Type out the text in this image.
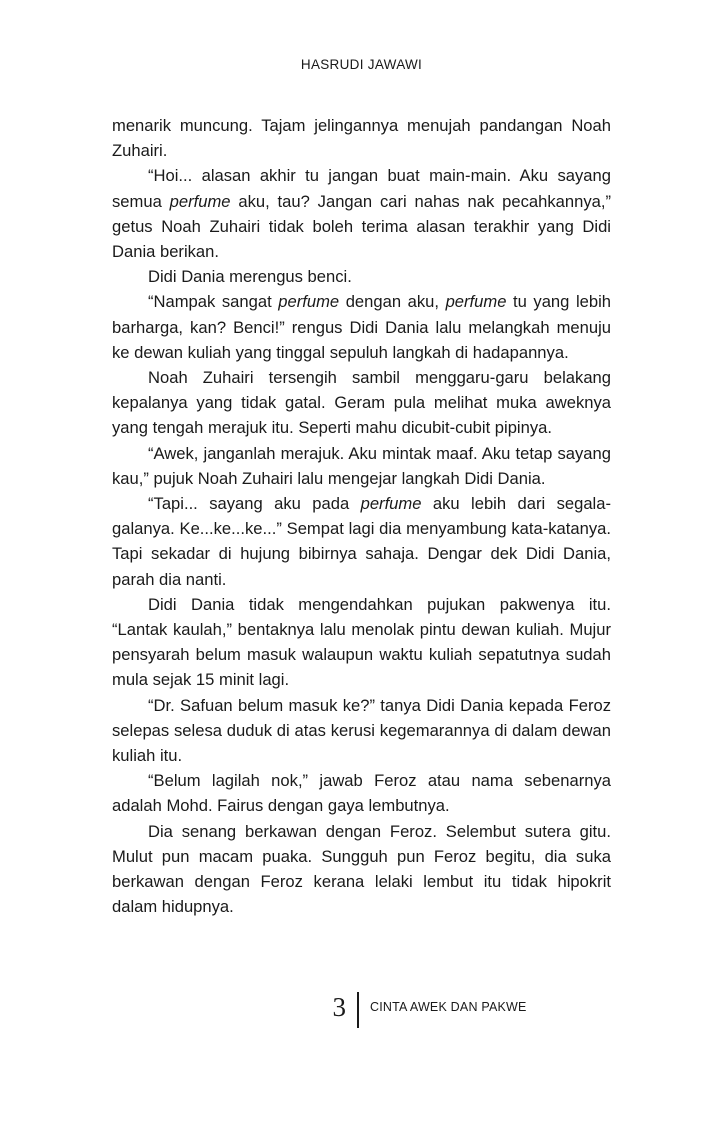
HASRUDI JAWAWI

menarik muncung. Tajam jelingannya menujah pandangan Noah Zuhairi.

“Hoi... alasan akhir tu jangan buat main-main. Aku sayang semua perfume aku, tau? Jangan cari nahas nak pecahkannya,” getus Noah Zuhairi tidak boleh terima alasan terakhir yang Didi Dania berikan.

Didi Dania merengus benci.

“Nampak sangat perfume dengan aku, perfume tu yang lebih barharga, kan? Benci!” rengus Didi Dania lalu melangkah menuju ke dewan kuliah yang tinggal sepuluh langkah di hadapannya.

Noah Zuhairi tersengih sambil menggaru-garu belakang kepalanya yang tidak gatal. Geram pula melihat muka aweknya yang tengah merajuk itu. Seperti mahu dicubit-cubit pipinya.

“Awek, janganlah merajuk. Aku mintak maaf. Aku tetap sayang kau,” pujuk Noah Zuhairi lalu mengejar langkah Didi Dania.

“Tapi... sayang aku pada perfume aku lebih dari segala-galanya. Ke...ke...ke...” Sempat lagi dia menyambung kata-katanya. Tapi sekadar di hujung bibirnya sahaja. Dengar dek Didi Dania, parah dia nanti.

Didi Dania tidak mengendahkan pujukan pakwenya itu. “Lantak kaulah,” bentaknya lalu menolak pintu dewan kuliah. Mujur pensyarah belum masuk walaupun waktu kuliah sepatutnya sudah mula sejak 15 minit lagi.

“Dr. Safuan belum masuk ke?” tanya Didi Dania kepada Feroz selepas selesa duduk di atas kerusi kegemarannya di dalam dewan kuliah itu.

“Belum lagilah nok,” jawab Feroz atau nama sebenarnya adalah Mohd. Fairus dengan gaya lembutnya.

Dia senang berkawan dengan Feroz. Selembut sutera gitu. Mulut pun macam puaka. Sungguh pun Feroz begitu, dia suka berkawan dengan Feroz kerana lelaki lembut itu tidak hipokrit dalam hidupnya.

3 CINTA AWEK DAN PAKWE
